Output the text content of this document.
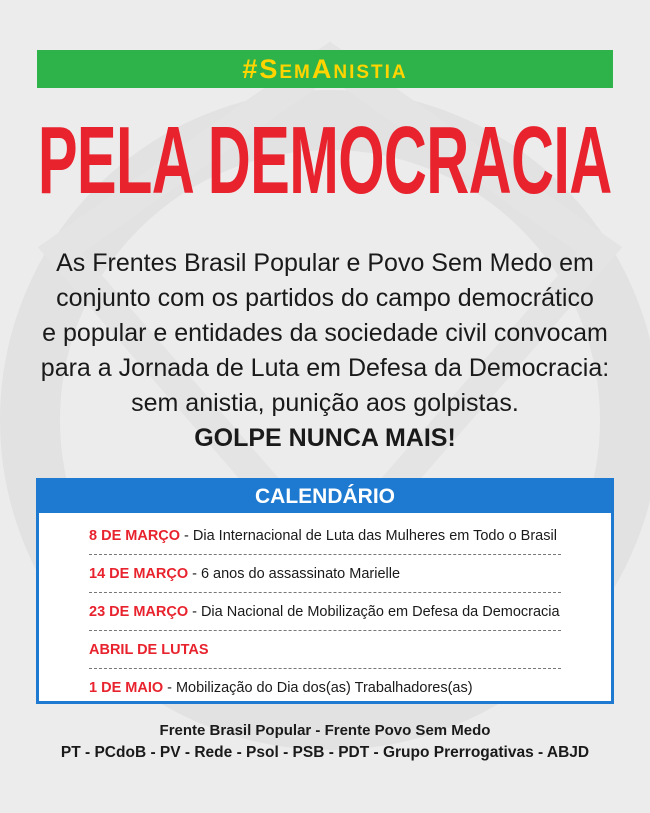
#SemAnistia
PELA DEMOCRACIA
As Frentes Brasil Popular e Povo Sem Medo em
conjunto com os partidos do campo democrático
e popular e entidades da sociedade civil convocam
para a Jornada de Luta em Defesa da Democracia:
sem anistia, punição aos golpistas.
GOLPE NUNCA MAIS!
CALENDÁRIO
8 DE MARÇO - Dia Internacional de Luta das Mulheres em Todo o Brasil
14 DE MARÇO - 6 anos do assassinato Marielle
23 DE MARÇO - Dia Nacional de Mobilização em Defesa da Democracia
ABRIL DE LUTAS
1 DE MAIO - Mobilização do Dia dos(as) Trabalhadores(as)
Frente Brasil Popular - Frente Povo Sem Medo
PT - PCdoB - PV - Rede - Psol - PSB - PDT - Grupo Prerrogativas - ABJD
